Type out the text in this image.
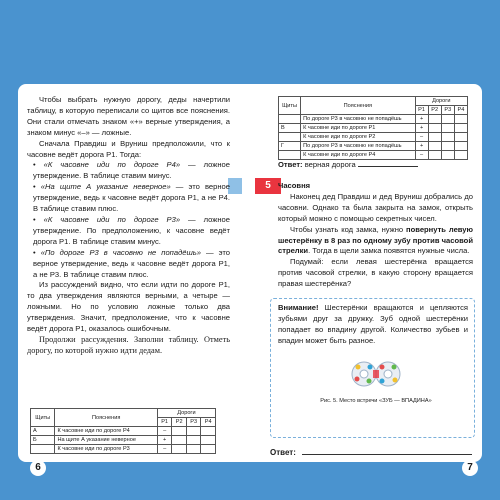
5

Чтобы выбрать нужную дорогу, деды начертили таблицу, в которую переписали со щитов все пояснения. Они стали отмечать знаком «+» верные утверждения, а знаком минус «–» — ложные.

Сначала Правдиш и Вруниш предположили, что к часовне ведёт дорога Р1. Тогда:

• «К часовне иди по дороге Р4» — ложное утверждение. В таблице ставим минус.

• «На щите А указание неверное» — это верное утверждение, ведь к часовне ведёт дорога Р1, а не Р4. В таблице ставим плюс.

• «К часовне иди по дороге Р3» — ложное утверждение. По предположению, к часовне ведёт дорога Р1. В таблице ставим минус.

• «По дороге Р3 в часовню не попадёшь» — это верное утверждение, ведь к часовне ведёт дорога Р1, а не Р3. В таблице ставим плюс.

Из рассуждений видно, что если идти по дороге Р1, то два утверждения являются верными, а четыре — ложными. Но по условию ложные только два утверждения. Значит, предположение, что к часовне ведёт дорога Р1, оказалось ошибочным.

Продолжи рассуждения. Заполни таблицу. Отметь дорогу, по которой нужно идти дедам.

Щиты	Пояснения	Дороги			
		Р1	Р2	Р3	Р4
А	К часовне иди по дороге Р4	–			
Б	На щите А указание неверное	+			
	К часовне иди по дороге Р3	–			
6
Щиты	Пояснения	Дороги			
		Р1	Р2	Р3	Р4
	По дороге Р3 в часовню не попадёшь	+			
В	К часовне иди по дороге Р1	+			
	К часовне иди по дороге Р2	–			
Г	По дороге Р3 в часовню не попадёшь	+			
	К часовне иди по дороге Р4	–			
Ответ: верная дорога
Часовня

Наконец дед Правдиш и дед Вруниш добрались до часовни. Однако та была закрыта на замок, открыть который можно с помощью секретных чисел.

Чтобы узнать код замка, нужно повернуть левую шестерёнку в 8 раз по одному зубу против часовой стрелки. Тогда в щели замка появятся нужные числа.

Подумай: если левая шестерёнка вращается против часовой стрелки, в какую сторону вращается правая шестерёнка?

Внимание! Шестерёнки вращаются и цепляются зубьями друг за дружку. Зуб одной шестерёнки попадает во впадину другой. Количество зубьев и впадин может быть разное.

Рис. 5. Место встречи «ЗУБ — ВПАДИНА»
Ответ:
7
